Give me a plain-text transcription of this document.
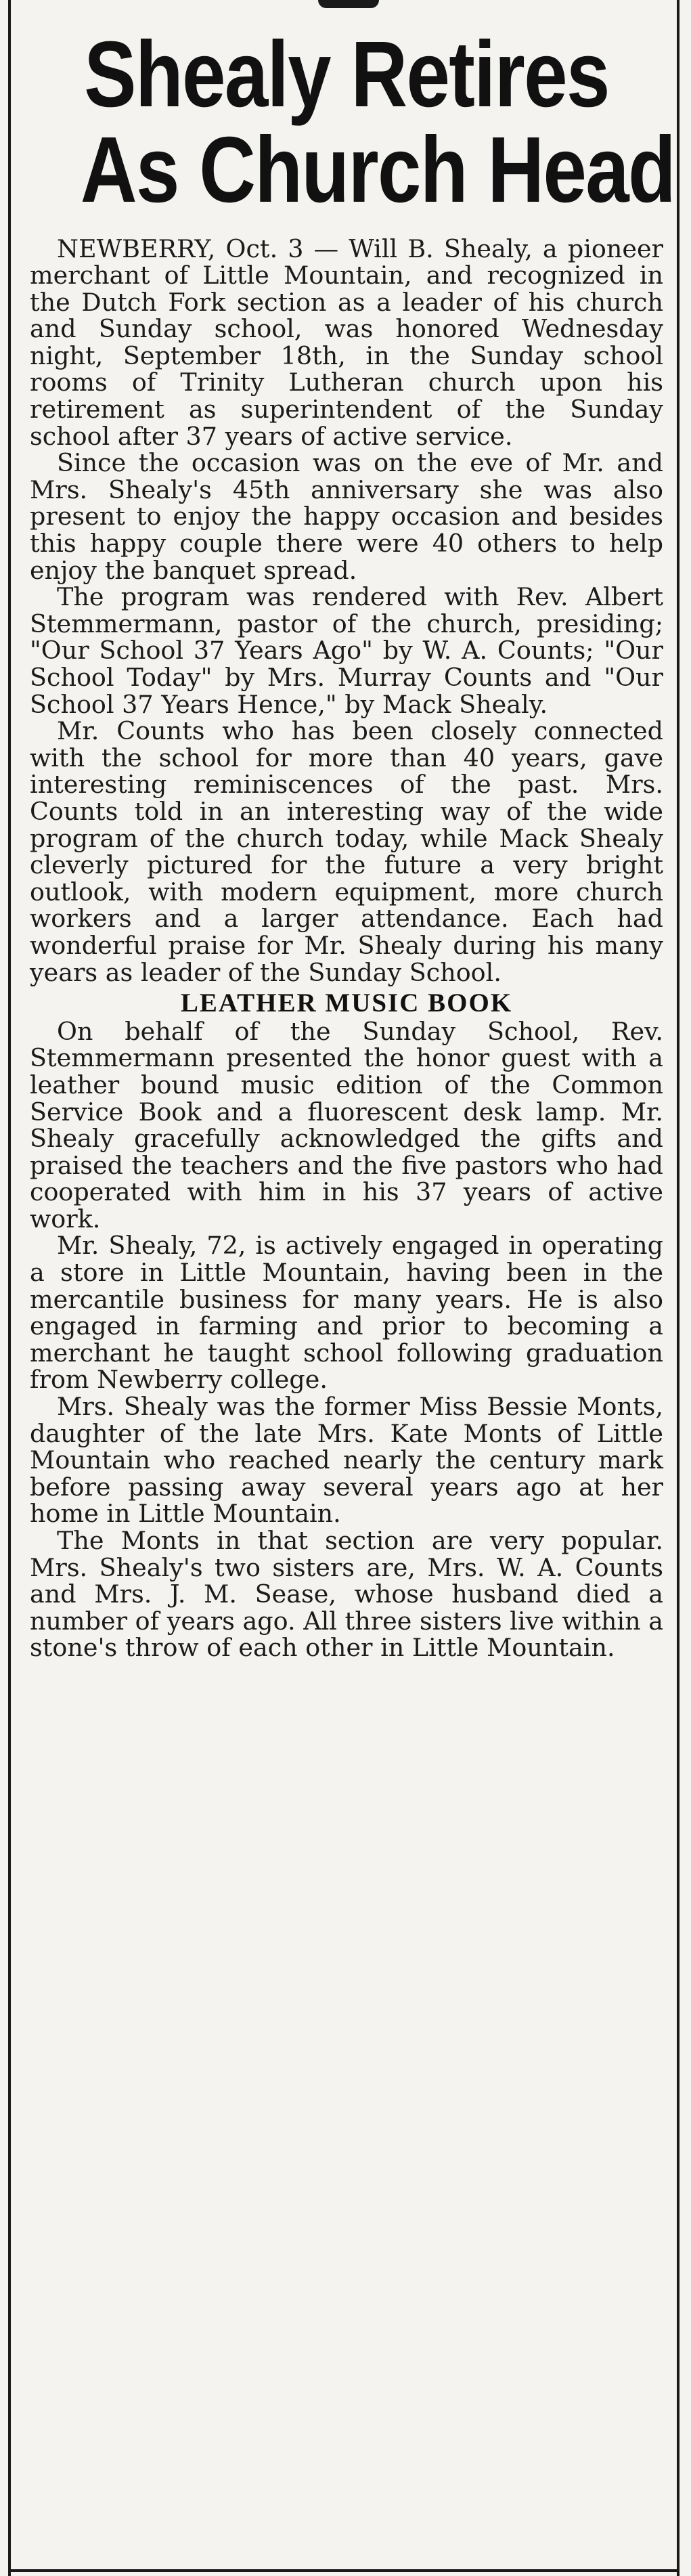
Shealy Retires
As Church Head

NEWBERRY, Oct. 3 — Will B. Shealy, a pioneer merchant of Little Mountain, and recognized in the Dutch Fork section as a leader of his church and Sunday school, was honored Wednesday night, September 18th, in the Sunday school rooms of Trinity Lutheran church upon his retirement as superintendent of the Sunday school after 37 years of active service.

Since the occasion was on the eve of Mr. and Mrs. Shealy's 45th anniversary she was also present to enjoy the happy occasion and besides this happy couple there were 40 others to help enjoy the banquet spread.

The program was rendered with Rev. Albert Stemmermann, pastor of the church, presiding; "Our School 37 Years Ago" by W. A. Counts; "Our School Today" by Mrs. Murray Counts and "Our School 37 Years Hence," by Mack Shealy.

Mr. Counts who has been closely connected with the school for more than 40 years, gave interesting reminiscences of the past. Mrs. Counts told in an interesting way of the wide program of the church today, while Mack Shealy cleverly pictured for the future a very bright outlook, with modern equipment, more church workers and a larger attendance. Each had wonderful praise for Mr. Shealy during his many years as leader of the Sunday School.

LEATHER MUSIC BOOK

On behalf of the Sunday School, Rev. Stemmermann presented the honor guest with a leather bound music edition of the Common Service Book and a fluorescent desk lamp. Mr. Shealy gracefully acknowledged the gifts and praised the teachers and the five pastors who had cooperated with him in his 37 years of active work.

Mr. Shealy, 72, is actively engaged in operating a store in Little Mountain, having been in the mercantile business for many years. He is also engaged in farming and prior to becoming a merchant he taught school following graduation from Newberry college.

Mrs. Shealy was the former Miss Bessie Monts, daughter of the late Mrs. Kate Monts of Little Mountain who reached nearly the century mark before passing away several years ago at her home in Little Mountain.

The Monts in that section are very popular. Mrs. Shealy's two sisters are, Mrs. W. A. Counts and Mrs. J. M. Sease, whose husband died a number of years ago. All three sisters live within a stone's throw of each other in Little Mountain.
